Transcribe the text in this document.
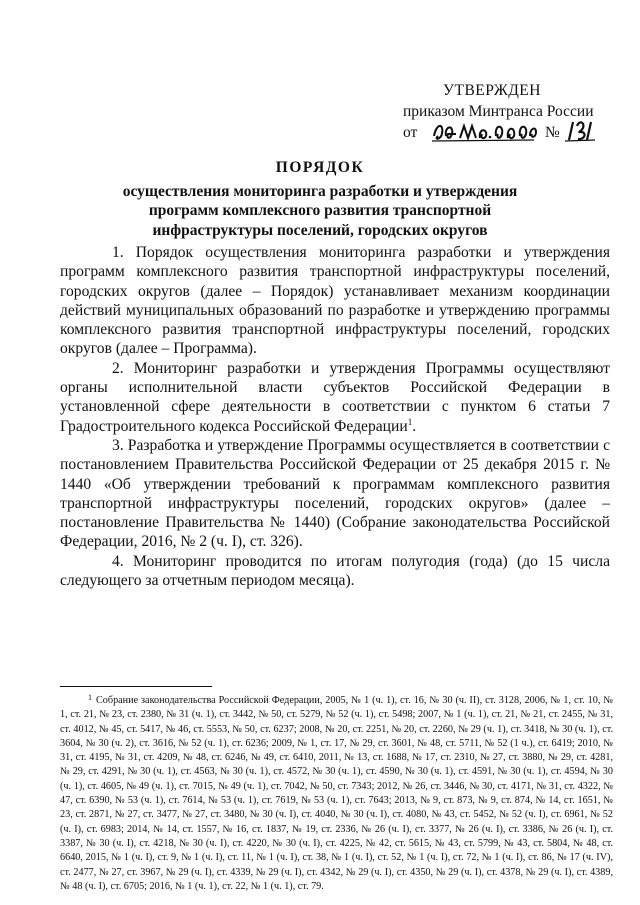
УТВЕРЖДЕН
приказом Минтранса России
от	№
ПОРЯДОК
осуществления мониторинга разработки и утверждения программ комплексного развития транспортной инфраструктуры поселений, городских округов

1. Порядок осуществления мониторинга разработки и утверждения программ комплексного развития транспортной инфраструктуры поселений, городских округов (далее – Порядок) устанавливает механизм координации действий муниципальных образований по разработке и утверждению программы комплексного развития транспортной инфраструктуры поселений, городских округов (далее – Программа).

2. Мониторинг разработки и утверждения Программы осуществляют органы исполнительной власти субъектов Российской Федерации в установленной сфере деятельности в соответствии с пунктом 6 статьи 7 Градостроительного кодекса Российской Федерации$^1$.

3. Разработка и утверждение Программы осуществляется в соответствии с постановлением Правительства Российской Федерации от 25 декабря 2015 г. № 1440 «Об утверждении требований к программам комплексного развития транспортной инфраструктуры поселений, городских округов» (далее – постановление Правительства № 1440) (Собрание законодательства Российской Федерации, 2016, № 2 (ч. I), ст. 326).

4. Мониторинг проводится по итогам полугодия (года) (до 15 числа следующего за отчетным периодом месяца).

1 Собрание законодательства Российской Федерации, 2005, № 1 (ч. 1), ст. 16, № 30 (ч. II), ст. 3128, 2006, № 1, ст. 10, № 1, ст. 21, № 23, ст. 2380, № 31 (ч. 1), ст. 3442, № 50, ст. 5279, № 52 (ч. 1), ст. 5498; 2007, № 1 (ч. 1), ст. 21, № 21, ст. 2455, № 31, ст. 4012, № 45, ст. 5417, № 46, ст. 5553, № 50, ст. 6237; 2008, № 20, ст. 2251, № 20, ст. 2260, № 29 (ч. 1), ст. 3418, № 30 (ч. 1), ст. 3604, № 30 (ч. 2), ст. 3616, № 52 (ч. 1), ст. 6236; 2009, № 1, ст. 17, № 29, ст. 3601, № 48, ст. 5711, № 52 (1 ч.), ст. 6419; 2010, № 31, ст. 4195, № 31, ст. 4209, № 48, ст. 6246, № 49, ст. 6410, 2011, № 13, ст. 1688, № 17, ст. 2310, № 27, ст. 3880, № 29, ст. 4281, № 29, ст. 4291, № 30 (ч. 1), ст. 4563, № 30 (ч. 1), ст. 4572, № 30 (ч. 1), ст. 4590, № 30 (ч. 1), ст. 4591, № 30 (ч. 1), ст. 4594, № 30 (ч. 1), ст. 4605, № 49 (ч. 1), ст. 7015, № 49 (ч. 1), ст. 7042, № 50, ст. 7343; 2012, № 26, ст. 3446, № 30, ст. 4171, № 31, ст. 4322, № 47, ст. 6390, № 53 (ч. 1), ст. 7614, № 53 (ч. 1), ст. 7619, № 53 (ч. 1), ст. 7643; 2013, № 9, ст. 873, № 9, ст. 874, № 14, ст. 1651, № 23, ст. 2871, № 27, ст. 3477, № 27, ст. 3480, № 30 (ч. I), ст. 4040, № 30 (ч. I), ст. 4080, № 43, ст. 5452, № 52 (ч. I), ст. 6961, № 52 (ч. I), ст. 6983; 2014, № 14, ст. 1557, № 16, ст. 1837, № 19, ст. 2336, № 26 (ч. I), ст. 3377, № 26 (ч. I), ст. 3386, № 26 (ч. I), ст. 3387, № 30 (ч. I), ст. 4218, № 30 (ч. I), ст. 4220, № 30 (ч. I), ст. 4225, № 42, ст. 5615, № 43, ст. 5799, № 43, ст. 5804, № 48, ст. 6640, 2015, № 1 (ч. I), ст. 9, № 1 (ч. I), ст. 11, № 1 (ч. I), ст. 38, № 1 (ч. I), ст. 52, № 1 (ч. I), ст. 72, № 1 (ч. I), ст. 86, № 17 (ч. IV), ст. 2477, № 27, ст. 3967, № 29 (ч. I), ст. 4339, № 29 (ч. I), ст. 4342, № 29 (ч. I), ст. 4350, № 29 (ч. I), ст. 4378, № 29 (ч. I), ст. 4389, № 48 (ч. I), ст. 6705; 2016, № 1 (ч. 1), ст. 22, № 1 (ч. 1), ст. 79.
